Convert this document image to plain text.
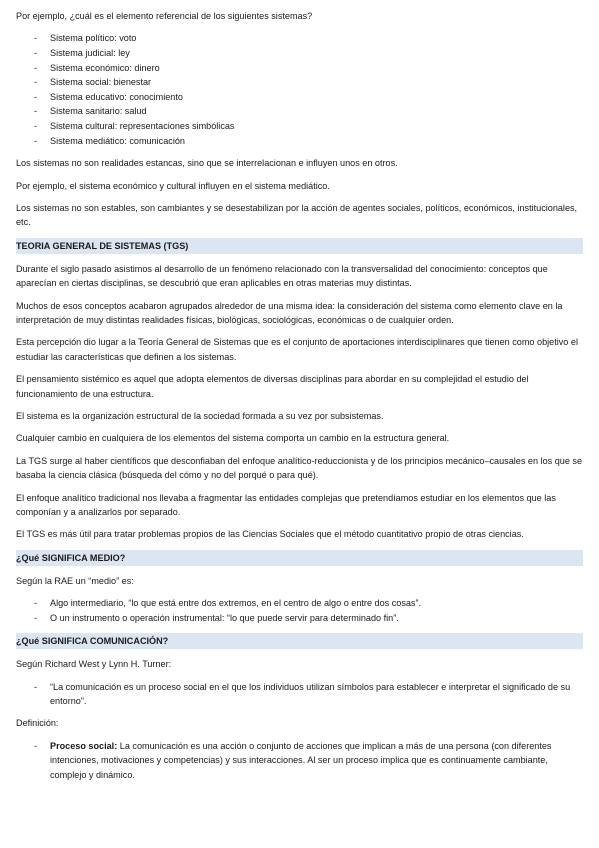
Por ejemplo, ¿cuál es el elemento referencial de los siguientes sistemas?

- Sistema político: voto
- Sistema judicial: ley
- Sistema económico: dinero
- Sistema social: bienestar
- Sistema educativo: conocimiento
- Sistema sanitario: salud
- Sistema cultural: representaciones simbólicas
- Sistema mediático: comunicación

Los sistemas no son realidades estancas, sino que se interrelacionan e influyen unos en otros.

Por ejemplo, el sistema económico y cultural influyen en el sistema mediático.

Los sistemas no son estables, son cambiantes y se desestabilizan por la acción de agentes sociales, políticos, económicos, institucionales, etc.

TEORIA GENERAL DE SISTEMAS (TGS)

Durante el siglo pasado asistimos al desarrollo de un fenómeno relacionado con la transversalidad del conocimiento: conceptos que aparecían en ciertas disciplinas, se descubrió que eran aplicables en otras materias muy distintas.

Muchos de esos conceptos acabaron agrupados alrededor de una misma idea: la consideración del sistema como elemento clave en la interpretación de muy distintas realidades físicas, biológicas, sociológicas, económicas o de cualquier orden.

Esta percepción dio lugar a la Teoría General de Sistemas que es el conjunto de aportaciones interdisciplinares que tienen como objetivo el estudiar las características que definen a los sistemas.

El pensamiento sistémico es aquel que adopta elementos de diversas disciplinas para abordar en su complejidad el estudio del funcionamiento de una estructura.

El sistema es la organización estructural de la sociedad formada a su vez por subsistemas.

Cualquier cambio en cualquiera de los elementos del sistema comporta un cambio en la estructura general.

La TGS surge al haber científicos que desconfiaban del enfoque analítico-reduccionista y de los principios mecánico–causales en los que se basaba la ciencia clásica (búsqueda del cómo y no del porqué o para qué).

El enfoque analítico tradicional nos llevaba a fragmentar las entidades complejas que pretendíamos estudiar en los elementos que las componían y a analizarlos por separado.

El TGS es más útil para tratar problemas propios de las Ciencias Sociales que el método cuantitativo propio de otras ciencias.

¿Qué SIGNIFICA MEDIO?

Según la RAE un “medio” es:

- Algo intermediario, “lo que está entre dos extremos, en el centro de algo o entre dos cosas”.
- O un instrumento o operación instrumental: “lo que puede servir para determinado fin”.
¿Qué SIGNIFICA COMUNICACIÓN?

Según Richard West y Lynn H. Turner:

- “La comunicación es un proceso social en el que los individuos utilizan símbolos para establecer e interpretar el significado de su entorno”.

Definición:

- Proceso social: La comunicación es una acción o conjunto de acciones que implican a más de una persona (con diferentes intenciones, motivaciones y competencias) y sus interacciones. Al ser un proceso implica que es continuamente cambiante, complejo y dinámico.
